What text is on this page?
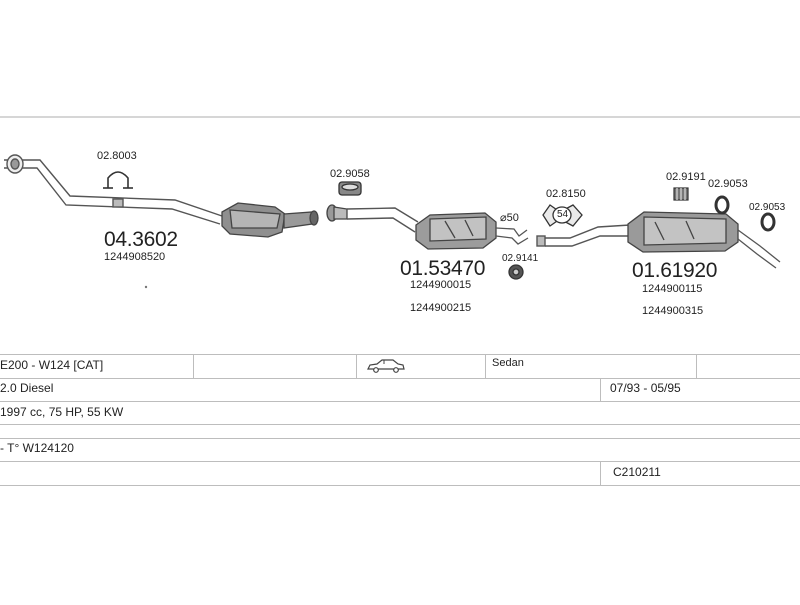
02.8003
04.3602
1244908520
02.9058
01.53470
1244900015
1244900215
⌀50
02.9141
02.8150
54
02.9191
02.9053
02.9053
01.61920
1244900115
1244900315
E200 - W124 [CAT]	Sedan
2.0 Diesel	07/93 - 05/95
1997 cc, 75 HP, 55 KW
- T° W124120
C210211
